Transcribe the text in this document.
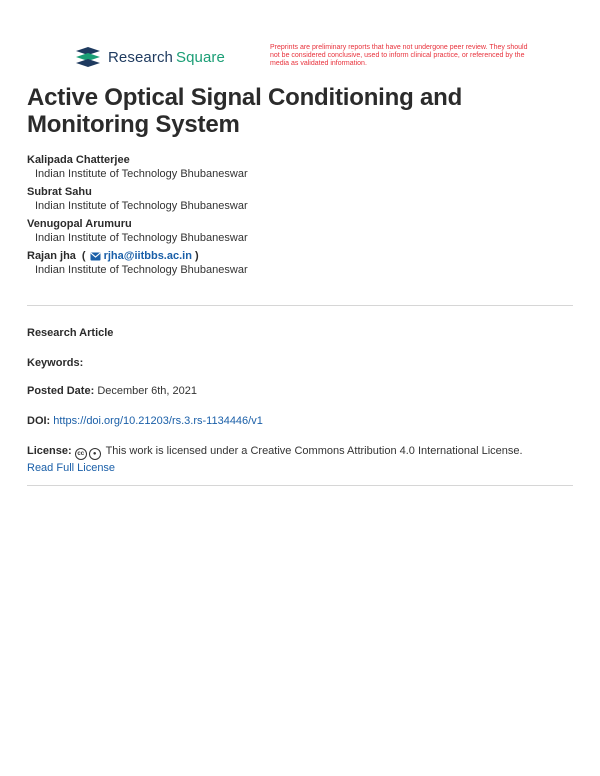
Research Square
Preprints are preliminary reports that have not undergone peer review. They should not be considered conclusive, used to inform clinical practice, or referenced by the media as validated information.
Active Optical Signal Conditioning and Monitoring System
Kalipada Chatterjee
Indian Institute of Technology Bhubaneswar
Subrat Sahu
Indian Institute of Technology Bhubaneswar
Venugopal Arumuru
Indian Institute of Technology Bhubaneswar
Rajan jha ( rjha@iitbbs.ac.in )
Indian Institute of Technology Bhubaneswar
Research Article
Keywords:
Posted Date: December 6th, 2021
DOI: https://doi.org/10.21203/rs.3.rs-1134446/v1
License: cc ● This work is licensed under a Creative Commons Attribution 4.0 International License.
Read Full License
